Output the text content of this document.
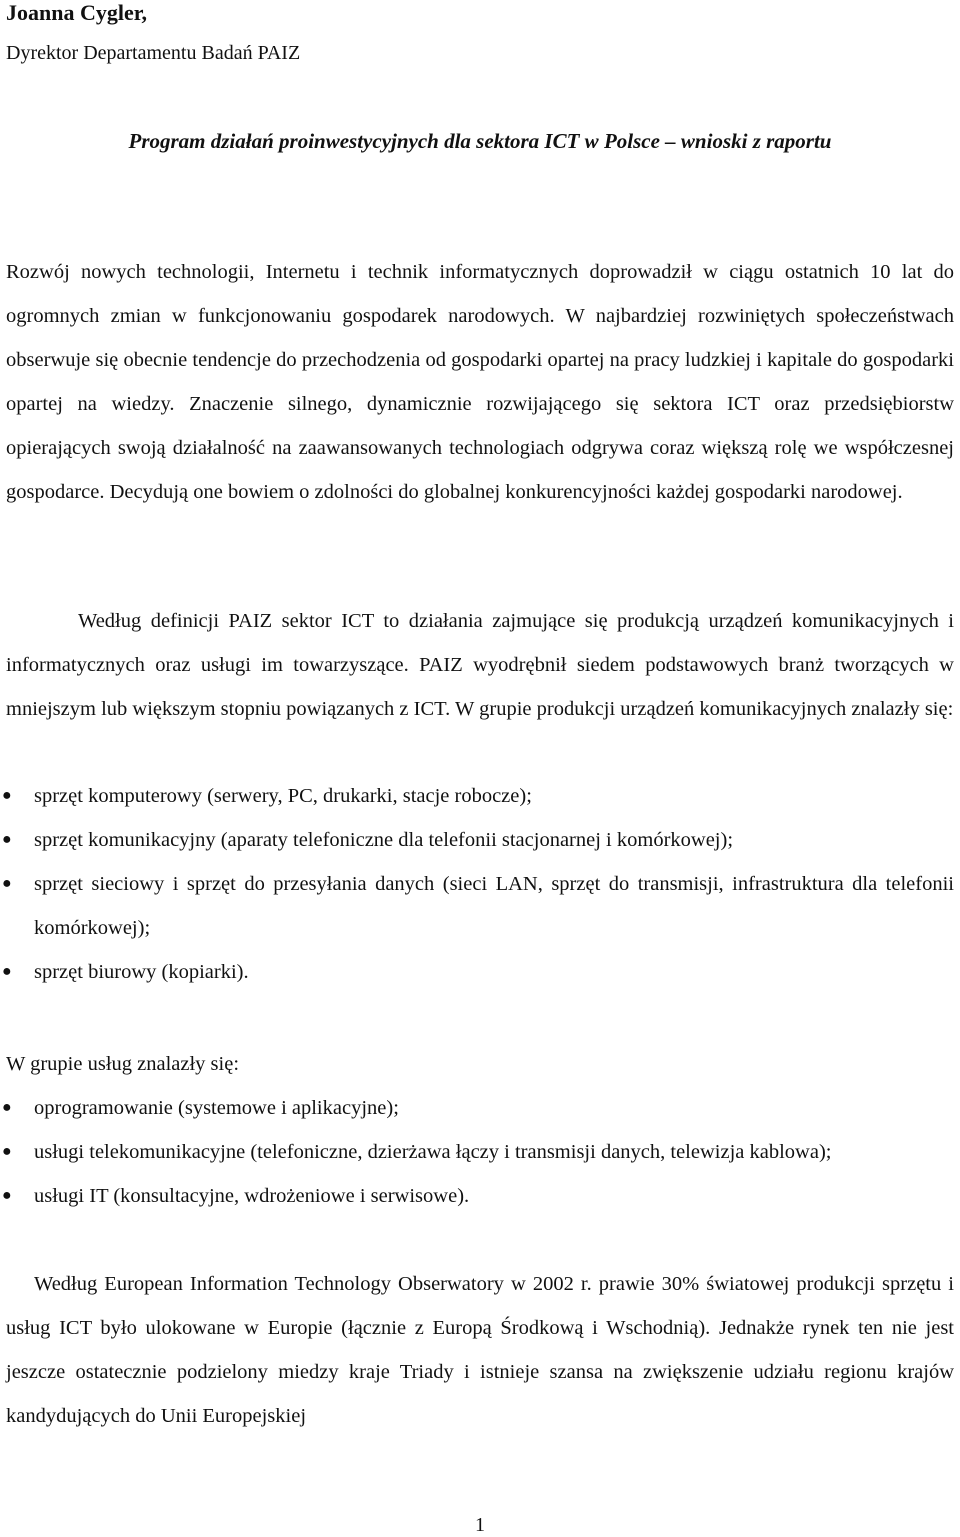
Joanna Cygler,
Dyrektor Departamentu Badań PAIZ
Program działań proinwestycyjnych dla sektora ICT w Polsce – wnioski z raportu

Rozwój nowych technologii, Internetu i technik informatycznych doprowadził w ciągu ostatnich 10 lat do ogromnych zmian w funkcjonowaniu gospodarek narodowych. W najbardziej rozwiniętych społeczeństwach obserwuje się obecnie tendencje do przechodzenia od gospodarki opartej na pracy ludzkiej i kapitale do gospodarki opartej na wiedzy. Znaczenie silnego, dynamicznie rozwijającego się sektora ICT oraz przedsiębiorstw opierających swoją działalność na zaawansowanych technologiach odgrywa coraz większą rolę we współczesnej gospodarce. Decydują one bowiem o zdolności do globalnej konkurencyjności każdej gospodarki narodowej.

Według definicji PAIZ sektor ICT to działania zajmujące się produkcją urządzeń komunikacyjnych i informatycznych oraz usługi im towarzyszące. PAIZ wyodrębnił siedem podstawowych branż tworzących w mniejszym lub większym stopniu powiązanych z ICT. W grupie produkcji urządzeń komunikacyjnych znalazły się:

● sprzęt komputerowy (serwery, PC, drukarki, stacje robocze);
● sprzęt komunikacyjny (aparaty telefoniczne dla telefonii stacjonarnej i komórkowej);
● sprzęt sieciowy i sprzęt do przesyłania danych (sieci LAN, sprzęt do transmisji, infrastruktura dla telefonii komórkowej);
● sprzęt biurowy (kopiarki).
W grupie usług znalazły się:
● oprogramowanie (systemowe i aplikacyjne);
● usługi telekomunikacyjne (telefoniczne, dzierżawa łączy i transmisji danych, telewizja kablowa);
● usługi IT (konsultacyjne, wdrożeniowe i serwisowe).

Według European Information Technology Obserwatory w 2002 r. prawie 30% światowej produkcji sprzętu i usług ICT było ulokowane w Europie (łącznie z Europą Środkową i Wschodnią). Jednakże rynek ten nie jest jeszcze ostatecznie podzielony miedzy kraje Triady i istnieje szansa na zwiększenie udziału regionu krajów kandydujących do Unii Europejskiej

1
